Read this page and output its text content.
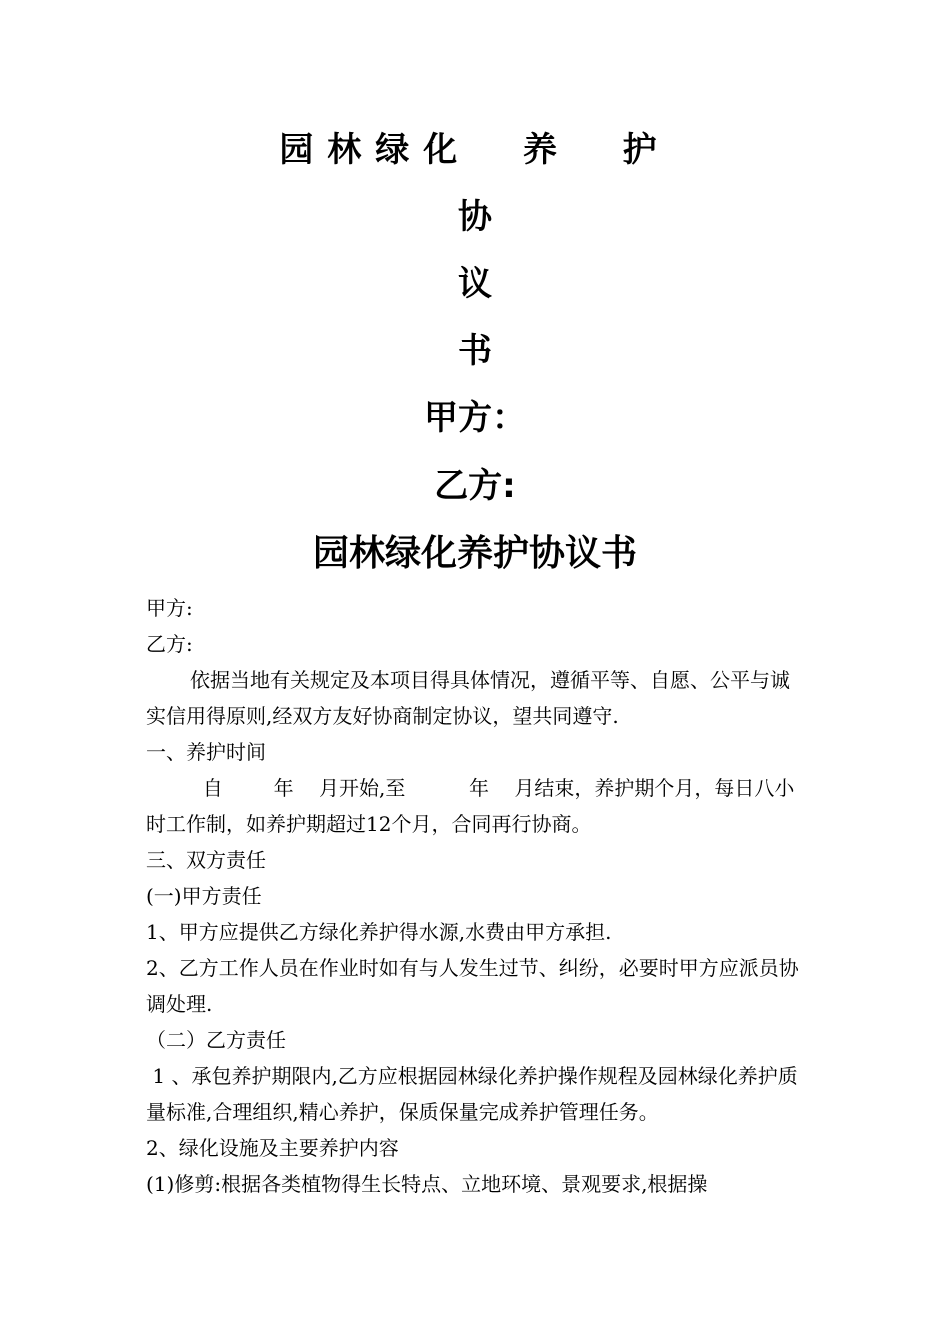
园林绿化  养  护
协
议
书
甲方：
乙方:
园林绿化养护协议书

甲方:

乙方:

依据当地有关规定及本项目得具体情况，遵循平等、自愿、公平与诚实信用得原则,经双方友好协商制定协议，望共同遵守.

一、养护时间

自        年    月开始,至          年    月结束，养护期个月，每日八小时工作制，如养护期超过12个月，合同再行协商。

三、双方责任

(一)甲方责任

1、甲方应提供乙方绿化养护得水源,水费由甲方承担.

2、乙方工作人员在作业时如有与人发生过节、纠纷，必要时甲方应派员协调处理.

（二）乙方责任

1 、承包养护期限内,乙方应根据园林绿化养护操作规程及园林绿化养护质量标准,合理组织,精心养护，保质保量完成养护管理任务。

2、绿化设施及主要养护内容

(1)修剪:根据各类植物得生长特点、立地环境、景观要求,根据操
